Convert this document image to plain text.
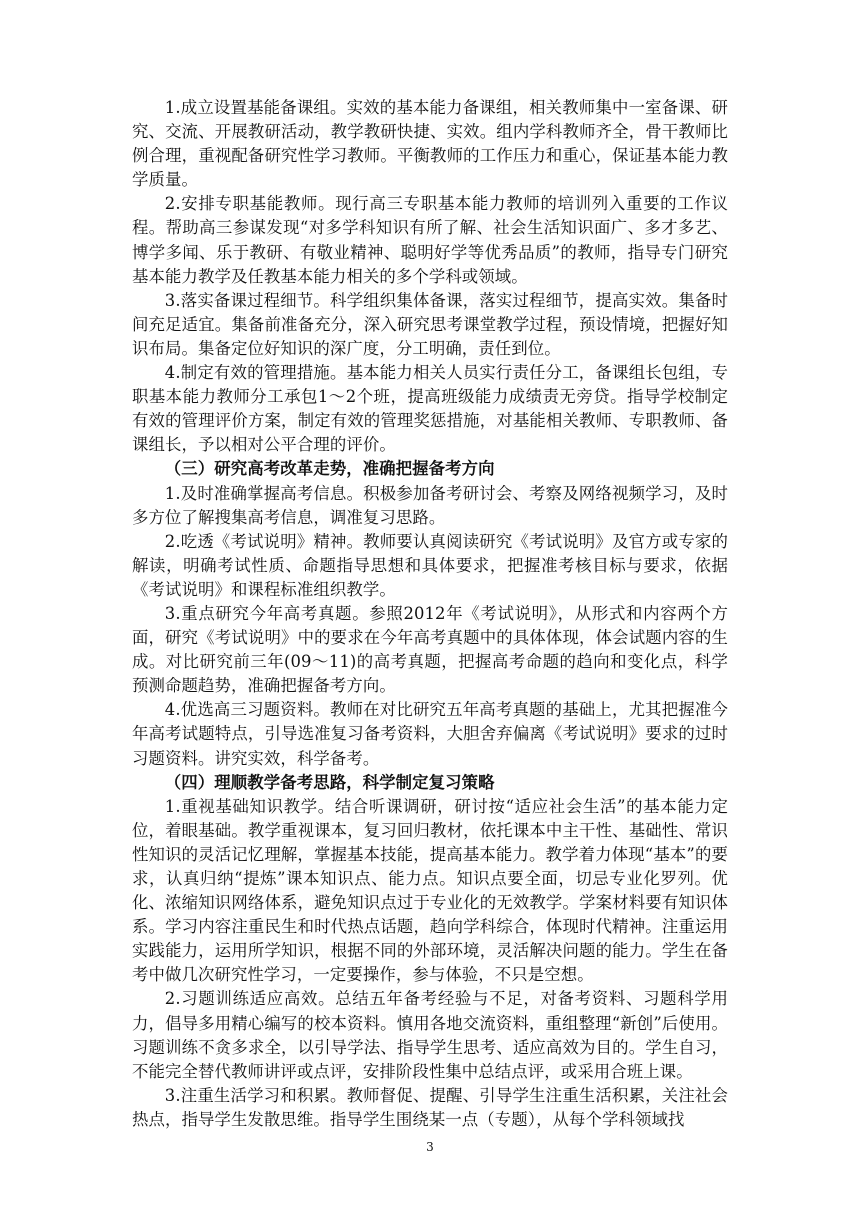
1.成立设置基能备课组。实效的基本能力备课组，相关教师集中一室备课、研究、交流、开展教研活动，教学教研快捷、实效。组内学科教师齐全，骨干教师比例合理，重视配备研究性学习教师。平衡教师的工作压力和重心，保证基本能力教学质量。

2.安排专职基能教师。现行高三专职基本能力教师的培训列入重要的工作议程。帮助高三参谋发现“对多学科知识有所了解、社会生活知识面广、多才多艺、博学多闻、乐于教研、有敬业精神、聪明好学等优秀品质”的教师，指导专门研究基本能力教学及任教基本能力相关的多个学科或领域。

3.落实备课过程细节。科学组织集体备课，落实过程细节，提高实效。集备时间充足适宜。集备前准备充分，深入研究思考课堂教学过程，预设情境，把握好知识布局。集备定位好知识的深广度，分工明确，责任到位。

4.制定有效的管理措施。基本能力相关人员实行责任分工，备课组长包组，专职基本能力教师分工承包1～2个班，提高班级能力成绩责无旁贷。指导学校制定有效的管理评价方案，制定有效的管理奖惩措施，对基能相关教师、专职教师、备课组长，予以相对公平合理的评价。

（三）研究高考改革走势，准确把握备考方向

1.及时准确掌握高考信息。积极参加备考研讨会、考察及网络视频学习，及时多方位了解搜集高考信息，调准复习思路。

2.吃透《考试说明》精神。教师要认真阅读研究《考试说明》及官方或专家的解读，明确考试性质、命题指导思想和具体要求，把握准考核目标与要求，依据《考试说明》和课程标准组织教学。

3.重点研究今年高考真题。参照2012年《考试说明》，从形式和内容两个方面，研究《考试说明》中的要求在今年高考真题中的具体体现，体会试题内容的生成。对比研究前三年(09～11)的高考真题，把握高考命题的趋向和变化点，科学预测命题趋势，准确把握备考方向。

4.优选高三习题资料。教师在对比研究五年高考真题的基础上，尤其把握准今年高考试题特点，引导选准复习备考资料，大胆舍弃偏离《考试说明》要求的过时习题资料。讲究实效，科学备考。

（四）理顺教学备考思路，科学制定复习策略

1.重视基础知识教学。结合听课调研，研讨按“适应社会生活”的基本能力定位，着眼基础。教学重视课本，复习回归教材，依托课本中主干性、基础性、常识性知识的灵活记忆理解，掌握基本技能，提高基本能力。教学着力体现“基本”的要求，认真归纳“提炼”课本知识点、能力点。知识点要全面，切忌专业化罗列。优化、浓缩知识网络体系，避免知识点过于专业化的无效教学。学案材料要有知识体系。学习内容注重民生和时代热点话题，趋向学科综合，体现时代精神。注重运用实践能力，运用所学知识，根据不同的外部环境，灵活解决问题的能力。学生在备考中做几次研究性学习，一定要操作，参与体验，不只是空想。

2.习题训练适应高效。总结五年备考经验与不足，对备考资料、习题科学用力，倡导多用精心编写的校本资料。慎用各地交流资料，重组整理“新创”后使用。习题训练不贪多求全，以引导学法、指导学生思考、适应高效为目的。学生自习，不能完全替代教师讲评或点评，安排阶段性集中总结点评，或采用合班上课。

3.注重生活学习和积累。教师督促、提醒、引导学生注重生活积累，关注社会热点，指导学生发散思维。指导学生围绕某一点（专题），从每个学科领域找

3
